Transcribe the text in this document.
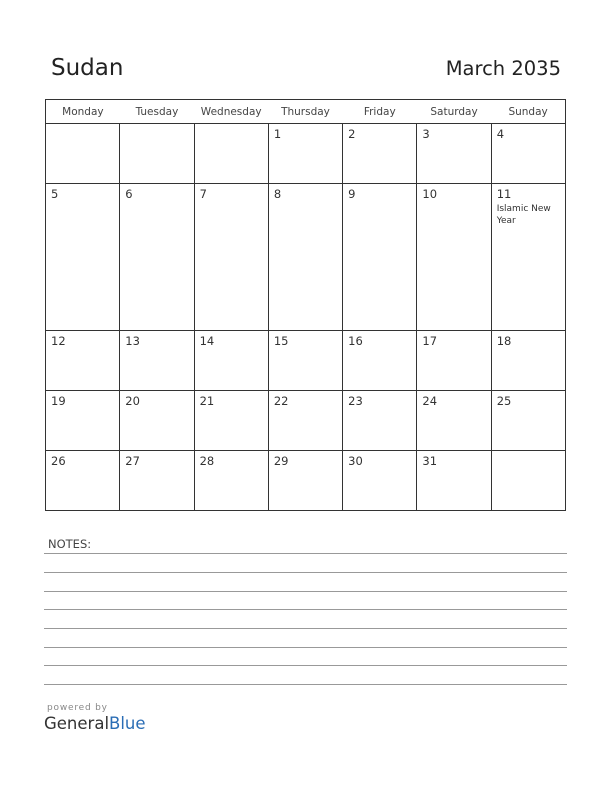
Sudan	March 2035
Monday	Tuesday	Wednesday	Thursday	Friday	Saturday	Sunday

			1	2	3	4

5	6	7	8	9	10	11
Islamic New Year

12	13	14	15	16	17	18

19	20	21	22	23	24	25

26	27	28	29	30	31	

NOTES:
powered by
GeneralBlue
